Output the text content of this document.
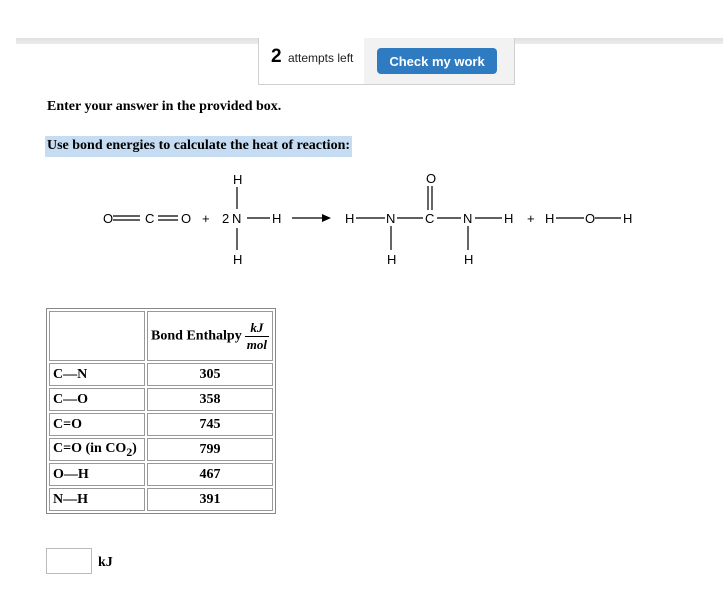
2 attempts left	Check my work
Enter your answer in the provided box.
Use bond energies to calculate the heat of reaction:
O C O + 2 N
H
H
H	H N
H
C
O
N
H
H + H O H
	Bond Enthalpy $\frac{kJ}{\text{mol}}$

C—N	305
C—O	358
C=O	745
C=O (in $CO_2$)	799
O—H	467
N—H	391
kJ
